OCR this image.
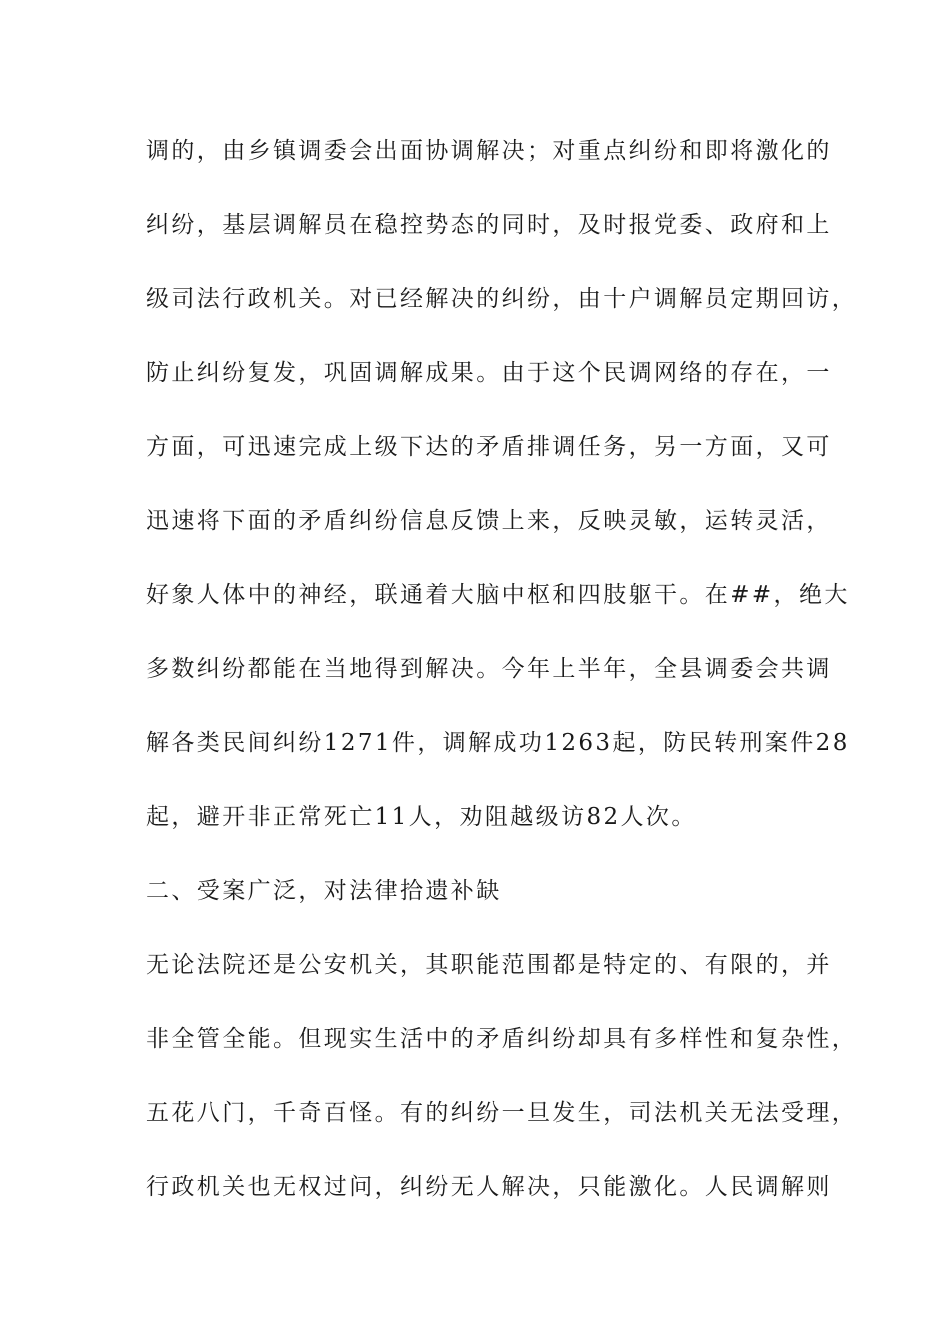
调的，由乡镇调委会出面协调解决；对重点纠纷和即将激化的
纠纷，基层调解员在稳控势态的同时，及时报党委、政府和上
级司法行政机关。对已经解决的纠纷，由十户调解员定期回访，
防止纠纷复发，巩固调解成果。由于这个民调网络的存在，一
方面，可迅速完成上级下达的矛盾排调任务，另一方面，又可
迅速将下面的矛盾纠纷信息反馈上来，反映灵敏，运转灵活，
好象人体中的神经，联通着大脑中枢和四肢躯干。在##，绝大
多数纠纷都能在当地得到解决。今年上半年，全县调委会共调
解各类民间纠纷1271件，调解成功1263起，防民转刑案件28
起，避开非正常死亡11人，劝阻越级访82人次。
二、受案广泛，对法律拾遗补缺
无论法院还是公安机关，其职能范围都是特定的、有限的，并
非全管全能。但现实生活中的矛盾纠纷却具有多样性和复杂性，
五花八门，千奇百怪。有的纠纷一旦发生，司法机关无法受理，
行政机关也无权过问，纠纷无人解决，只能激化。人民调解则
